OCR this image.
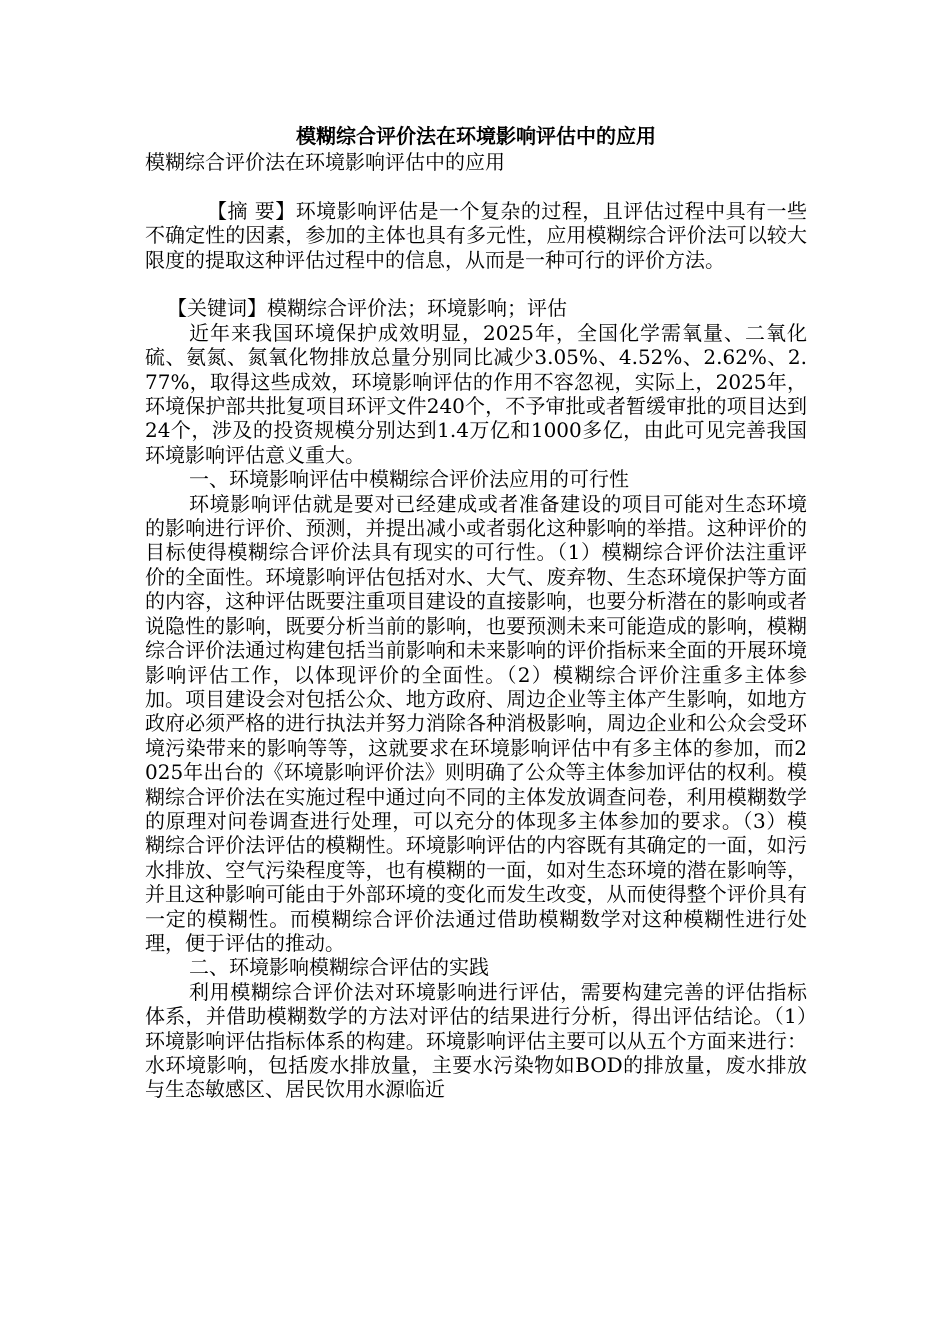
模糊综合评价法在环境影响评估中的应用

模糊综合评价法在环境影响评估中的应用

【摘 要】环境影响评估是一个复杂的过程，且评估过程中具有一些不确定性的因素，参加的主体也具有多元性，应用模糊综合评价法可以较大限度的提取这种评估过程中的信息，从而是一种可行的评价方法。

【关键词】模糊综合评价法；环境影响；评估

近年来我国环境保护成效明显，2025年，全国化学需氧量、二氧化硫、氨氮、氮氧化物排放总量分别同比减少3.05%、4.52%、2.62%、2.77%，取得这些成效，环境影响评估的作用不容忽视，实际上，2025年，环境保护部共批复项目环评文件240个，不予审批或者暂缓审批的项目达到24个，涉及的投资规模分别达到1.4万亿和1000多亿，由此可见完善我国环境影响评估意义重大。

一、环境影响评估中模糊综合评价法应用的可行性

环境影响评估就是要对已经建成或者准备建设的项目可能对生态环境的影响进行评价、预测，并提出减小或者弱化这种影响的举措。这种评价的目标使得模糊综合评价法具有现实的可行性。（1）模糊综合评价法注重评价的全面性。环境影响评估包括对水、大气、废弃物、生态环境保护等方面的内容，这种评估既要注重项目建设的直接影响，也要分析潜在的影响或者说隐性的影响，既要分析当前的影响，也要预测未来可能造成的影响，模糊综合评价法通过构建包括当前影响和未来影响的评价指标来全面的开展环境影响评估工作，以体现评价的全面性。（2）模糊综合评价注重多主体参加。项目建设会对包括公众、地方政府、周边企业等主体产生影响，如地方政府必须严格的进行执法并努力消除各种消极影响，周边企业和公众会受环境污染带来的影响等等，这就要求在环境影响评估中有多主体的参加，而2025年出台的《环境影响评价法》则明确了公众等主体参加评估的权利。模糊综合评价法在实施过程中通过向不同的主体发放调查问卷，利用模糊数学的原理对问卷调查进行处理，可以充分的体现多主体参加的要求。（3）模糊综合评价法评估的模糊性。环境影响评估的内容既有其确定的一面，如污水排放、空气污染程度等，也有模糊的一面，如对生态环境的潜在影响等，并且这种影响可能由于外部环境的变化而发生改变，从而使得整个评价具有一定的模糊性。而模糊综合评价法通过借助模糊数学对这种模糊性进行处理，便于评估的推动。

二、环境影响模糊综合评估的实践

利用模糊综合评价法对环境影响进行评估，需要构建完善的评估指标体系，并借助模糊数学的方法对评估的结果进行分析，得出评估结论。（1）环境影响评估指标体系的构建。环境影响评估主要可以从五个方面来进行：水环境影响，包括废水排放量，主要水污染物如BOD的排放量，废水排放与生态敏感区、居民饮用水源临近
